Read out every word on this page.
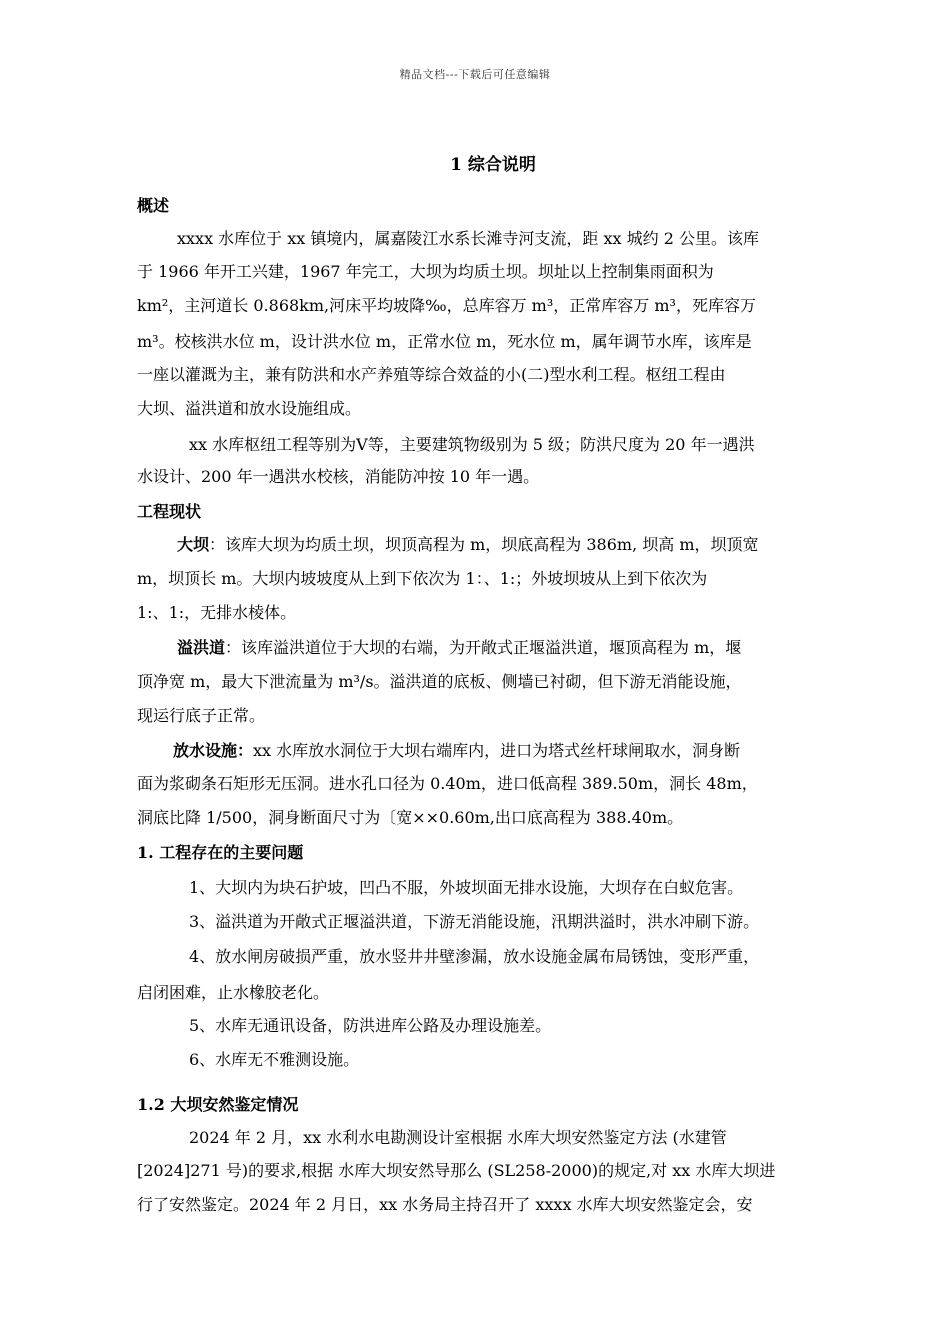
精品文档---下载后可任意编辑
1 综合说明
概述
xxxx 水库位于 xx 镇境内，属嘉陵江水系长滩寺河支流，距 xx 城约 2 公里。该库
于 1966 年开工兴建，1967 年完工，大坝为均质土坝。坝址以上控制集雨面积为
km²，主河道长 0.868km,河床平均坡降‰，总库容万 m³，正常库容万 m³，死库容万
m³。校核洪水位 m，设计洪水位 m，正常水位 m，死水位 m，属年调节水库，该库是
一座以灌溉为主，兼有防洪和水产养殖等综合效益的小(二)型水利工程。枢纽工程由
大坝、溢洪道和放水设施组成。
xx 水库枢纽工程等别为Ⅴ等，主要建筑物级别为 5 级；防洪尺度为 20 年一遇洪
水设计、200 年一遇洪水校核，消能防冲按 10 年一遇。
工程现状
大坝：该库大坝为均质土坝，坝顶高程为 m，坝底高程为 386m, 坝高 m，坝顶宽
m，坝顶长 m。大坝内坡坡度从上到下依次为 1：、1:；外坡坝坡从上到下依次为
1:、1:，无排水棱体。
溢洪道：该库溢洪道位于大坝的右端，为开敞式正堰溢洪道，堰顶高程为 m，堰
顶净宽 m，最大下泄流量为 m³/s。溢洪道的底板、侧墙已衬砌，但下游无消能设施，
现运行底子正常。
放水设施：xx 水库放水洞位于大坝右端库内，进口为塔式丝杆球闸取水，洞身断
面为浆砌条石矩形无压洞。进水孔口径为 0.40m，进口低高程 389.50m，洞长 48m，
洞底比降 1/500，洞身断面尺寸为〔宽××0.60m,出口底高程为 388.40m。
1. 工程存在的主要问题
1、大坝内为块石护坡，凹凸不服，外坡坝面无排水设施，大坝存在白蚁危害。
3、溢洪道为开敞式正堰溢洪道，下游无消能设施，汛期洪溢时，洪水冲刷下游。
4、放水闸房破损严重，放水竖井井壁渗漏，放水设施金属布局锈蚀，变形严重，
启闭困难，止水橡胶老化。
5、水库无通讯设备，防洪进库公路及办理设施差。
6、水库无不雅测设施。
1.2 大坝安然鉴定情况
2024 年 2 月，xx 水利水电勘测设计室根据 水库大坝安然鉴定方法 (水建管
[2024]271 号)的要求,根据 水库大坝安然导那么 (SL258-2000)的规定,对 xx 水库大坝进
行了安然鉴定。2024 年 2 月日，xx 水务局主持召开了 xxxx 水库大坝安然鉴定会，安
